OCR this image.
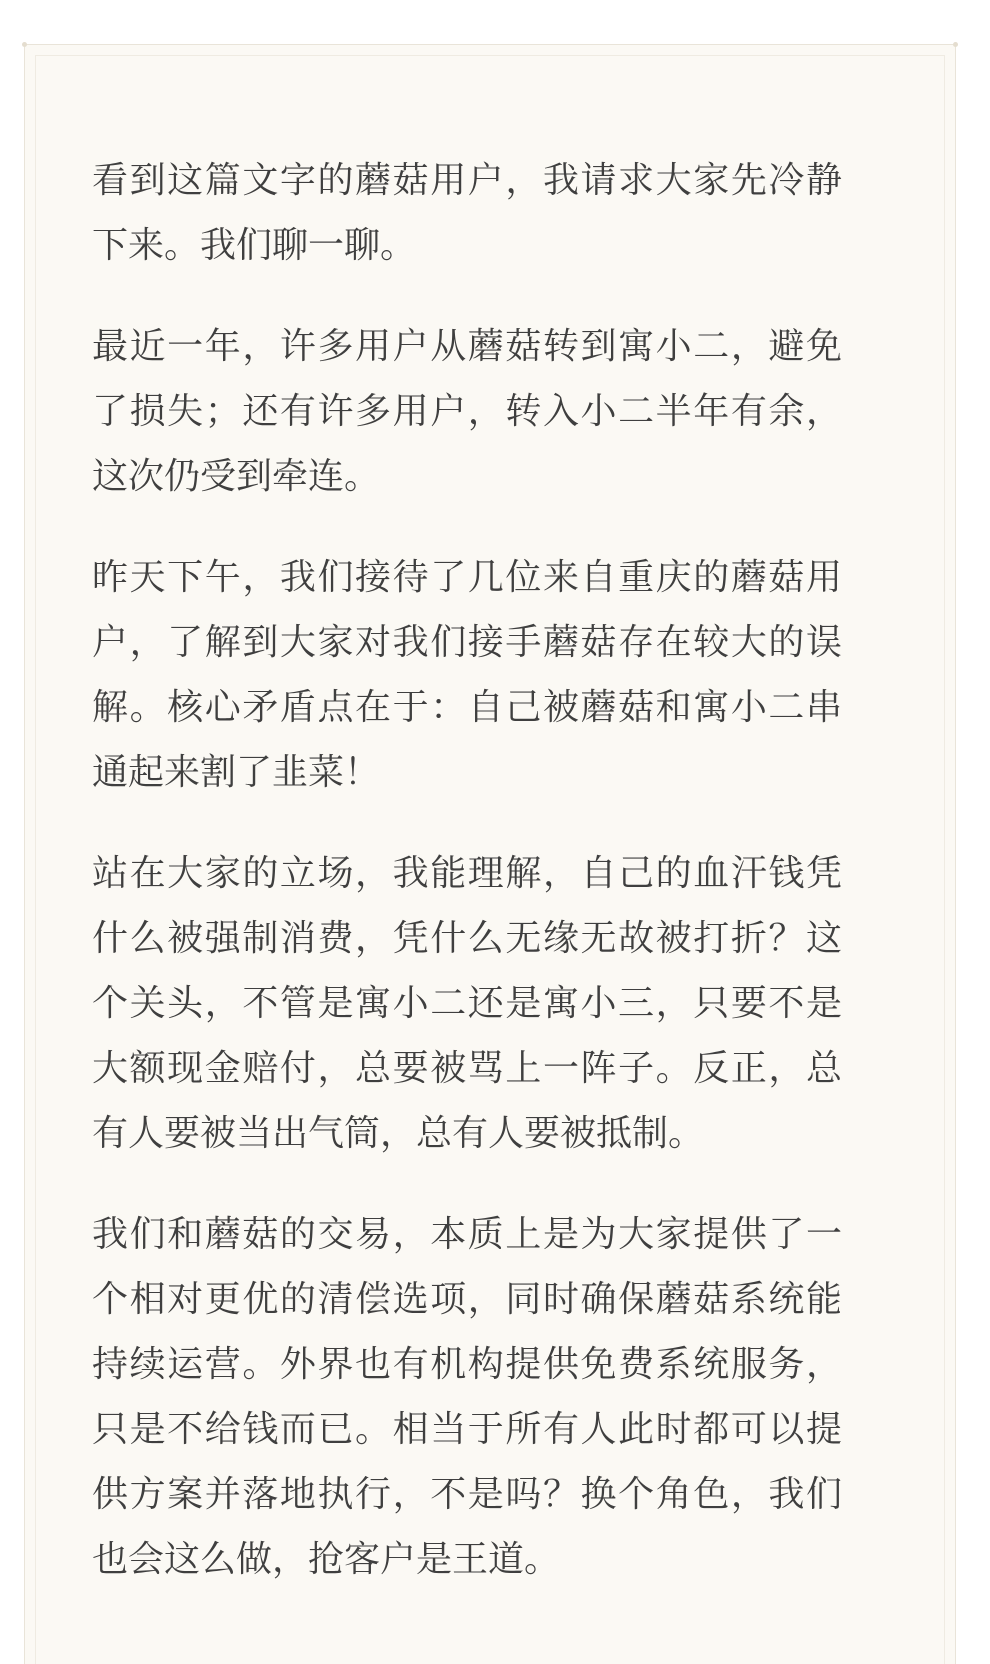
看到这篇文字的蘑菇用户，我请求大家先冷静下来。我们聊一聊。

最近一年，许多用户从蘑菇转到寓小二，避免了损失；还有许多用户，转入小二半年有余，这次仍受到牵连。

昨天下午，我们接待了几位来自重庆的蘑菇用户，了解到大家对我们接手蘑菇存在较大的误解。核心矛盾点在于：自己被蘑菇和寓小二串通起来割了韭菜！

站在大家的立场，我能理解，自己的血汗钱凭什么被强制消费，凭什么无缘无故被打折？这个关头，不管是寓小二还是寓小三，只要不是大额现金赔付，总要被骂上一阵子。反正，总有人要被当出气筒，总有人要被抵制。

我们和蘑菇的交易，本质上是为大家提供了一个相对更优的清偿选项，同时确保蘑菇系统能持续运营。外界也有机构提供免费系统服务，只是不给钱而已。相当于所有人此时都可以提供方案并落地执行，不是吗？换个角色，我们也会这么做，抢客户是王道。
